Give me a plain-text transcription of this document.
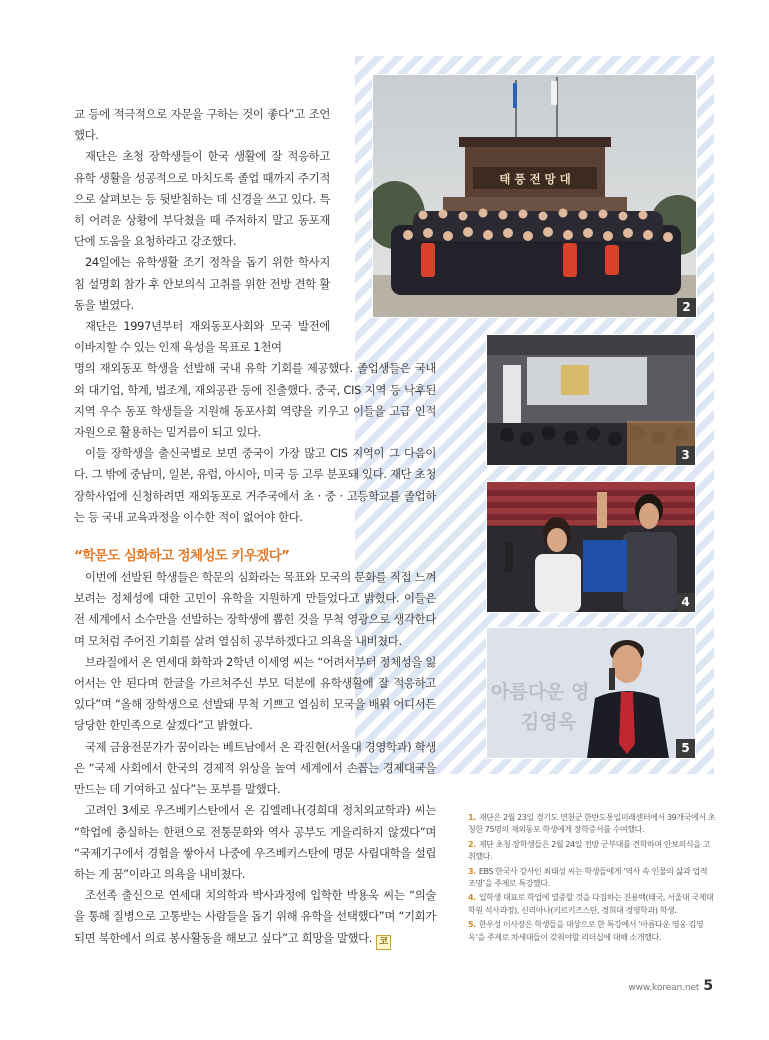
태 풍 전 망 대
2
3
4
아름다운 영
김영옥
5

교 등에 적극적으로 자문을 구하는 것이 좋다”고 조언했다.

재단은 초청 장학생들이 한국 생활에 잘 적응하고 유학 생활을 성공적으로 마치도록 졸업 때까지 주기적으로 살펴보는 등 뒷받침하는 데 신경을 쓰고 있다. 특히 어려운 상황에 부닥쳤을 때 주저하지 말고 동포재단에 도움을 요청하라고 강조했다.

24일에는 유학생활 조기 정착을 돕기 위한 학사지침 설명회 참가 후 안보의식 고취를 위한 전방 견학 활동을 벌였다.

재단은 1997년부터 재외동포사회와 모국 발전에 이바지할 수 있는 인재 육성을 목표로 1천여
명의 재외동포 학생을 선발해 국내 유학 기회를 제공했다. 졸업생들은 국내외 대기업, 학계, 법조계, 재외공관 등에 진출했다. 중국, CIS 지역 등 낙후된 지역 우수 동포 학생들을 지원해 동포사회 역량을 키우고 이들을 고급 인적자원으로 활용하는 밑거름이 되고 있다.

이들 장학생을 출신국별로 보면 중국이 가장 많고 CIS 지역이 그 다음이다. 그 밖에 중남미, 일본, 유럽, 아시아, 미국 등 고루 분포돼 있다. 재단 초청 장학사업에 신청하려면 재외동포로 거주국에서 초 · 중 · 고등학교를 졸업하는 등 국내 교육과정을 이수한 적이 없어야 한다.

“학문도 심화하고 정체성도 키우겠다”

이번에 선발된 학생들은 학문의 심화라는 목표와 모국의 문화를 직접 느껴보려는 정체성에 대한 고민이 유학을 지원하게 만들었다고 밝혔다. 이들은 전 세계에서 소수만을 선발하는 장학생에 뽑힌 것을 무척 영광으로 생각한다며 모처럼 주어진 기회를 살려 열심히 공부하겠다고 의욕을 내비쳤다.

브라질에서 온 연세대 화학과 2학년 이세영 씨는 “어려서부터 정체성을 잃어서는 안 된다며 한글을 가르쳐주신 부모 덕분에 유학생활에 잘 적응하고 있다”며 “올해 장학생으로 선발돼 무척 기쁘고 열심히 모국을 배워 어디서든 당당한 한민족으로 살겠다”고 밝혔다.

국제 금융전문가가 꿈이라는 베트남에서 온 곽진현(서울대 경영학과) 학생은 “국제 사회에서 한국의 경제적 위상을 높여 세계에서 손꼽는 경제대국을 만드는 데 기여하고 싶다”는 포부를 말했다.

고려인 3세로 우즈베키스탄에서 온 김엘레나(경희대 정치외교학과) 씨는 “학업에 충실하는 한편으로 전통문화와 역사 공부도 게을리하지 않겠다”며 “국제기구에서 경험을 쌓아서 나중에 우즈베키스탄에 명문 사립대학을 설립하는 게 꿈”이라고 의욕을 내비쳤다.

조선족 출신으로 연세대 치의학과 박사과정에 입학한 박용욱 씨는 “의술을 통해 질병으로 고통받는 사람들을 돕기 위해 유학을 선택했다”며 “기회가 되면 북한에서 의료 봉사활동을 해보고 싶다”고 희망을 말했다. 코

1. 재단은 2월 23일 경기도 연천군 한반도통일미래센터에서 39개국에서 초청한 75명의 재외동포 학생에게 장학증서를 수여했다.

2. 재단 초청 장학생들은 2월 24일 전방 군부대를 견학하며 안보의식을 고취했다.

3. EBS 한국사 강사인 최태성 씨는 학생들에게 ‘역사 속 인물의 삶과 업적 조명’을 주제로 특강했다.

4. 입학생 대표로 학업에 열중할 것을 다짐하는 진용백(태국, 서울대 국제대학원 석사과정), 신리아나(키르키즈스탄, 경희대 경영학과) 학생.

5. 한우성 이사장은 학생들을 대상으로 한 특강에서 ‘아름다운 영웅 김영옥’을 주제로 차세대들이 갖춰야할 리더십에 대해 소개했다.

www.korean.net 5
